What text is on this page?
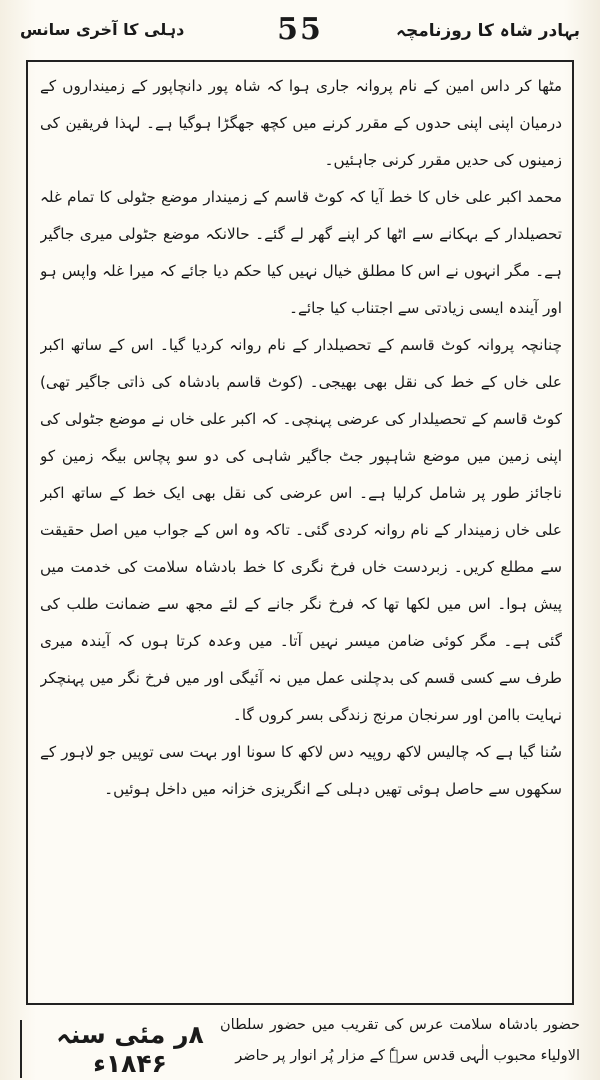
بہادر شاہ کا روزنامچہ
55
دہلی کا آخری سانس

مٹھا کر داس امین کے نام پروانہ جاری ہوا کہ شاہ پور دانچاپور کے زمینداروں کے درمیان اپنی اپنی حدوں کے مقرر کرنے میں کچھ جھگڑا ہوگیا ہے۔ لہذا فریقین کی زمینوں کی حدیں مقرر کرنی جاہئیں۔

محمد اکبر علی خاں کا خط آیا کہ کوٹ قاسم کے زمیندار موضع جٹولی کا تمام غلہ تحصیلدار کے بہکانے سے اٹھا کر اپنے گھر لے گئے۔ حالانکہ موضع جٹولی میری جاگیر ہے۔ مگر انہوں نے اس کا مطلق خیال نہیں کیا حکم دیا جائے کہ میرا غلہ واپس ہو اور آیندہ ایسی زیادتی سے اجتناب کیا جائے۔

چنانچہ پروانہ کوٹ قاسم کے تحصیلدار کے نام روانہ کردیا گیا۔ اس کے ساتھ اکبر علی خاں کے خط کی نقل بھی بھیجی۔ (کوٹ قاسم بادشاہ کی ذاتی جاگیر تھی) کوٹ قاسم کے تحصیلدار کی عرضی پہنچی۔ کہ اکبر علی خاں نے موضع جٹولی کی اپنی زمین میں موضع شاہپور جٹ جاگیر شاہی کی دو سو پچاس بیگہ زمین کو ناجائز طور پر شامل کرلیا ہے۔ اس عرضی کی نقل بھی ایک خط کے ساتھ اکبر علی خاں زمیندار کے نام روانہ کردی گئی۔ تاکہ وہ اس کے جواب میں اصل حقیقت سے مطلع کریں۔ زبردست خاں فرخ نگری کا خط بادشاہ سلامت کی خدمت میں پیش ہوا۔ اس میں لکھا تھا کہ فرخ نگر جانے کے لئے مجھ سے ضمانت طلب کی گئی ہے۔ مگر کوئی ضامن میسر نہیں آتا۔ میں وعدہ کرتا ہوں کہ آیندہ میری طرف سے کسی قسم کی بدچلنی عمل میں نہ آئیگی اور میں فرخ نگر میں پہنچکر نہایت باامن اور سرنجان مرنج زندگی بسر کروں گا۔

سُنا گیا ہے کہ چالیس لاکھ روپیہ دس لاکھ کا سونا اور بہت سی توپیں جو لاہور کے سکھوں سے حاصل ہوئی تھیں دہلی کے انگریزی خزانہ میں داخل ہوئیں۔

۸ر مئی سنہ ۱۸۴۶ء
حضور بادشاہ سلامت عرس کی تقریب میں حضور سلطان الاولیاء محبوب الٰہی قدس سرہٗ کے مزار پُر انوار پر حاضر
